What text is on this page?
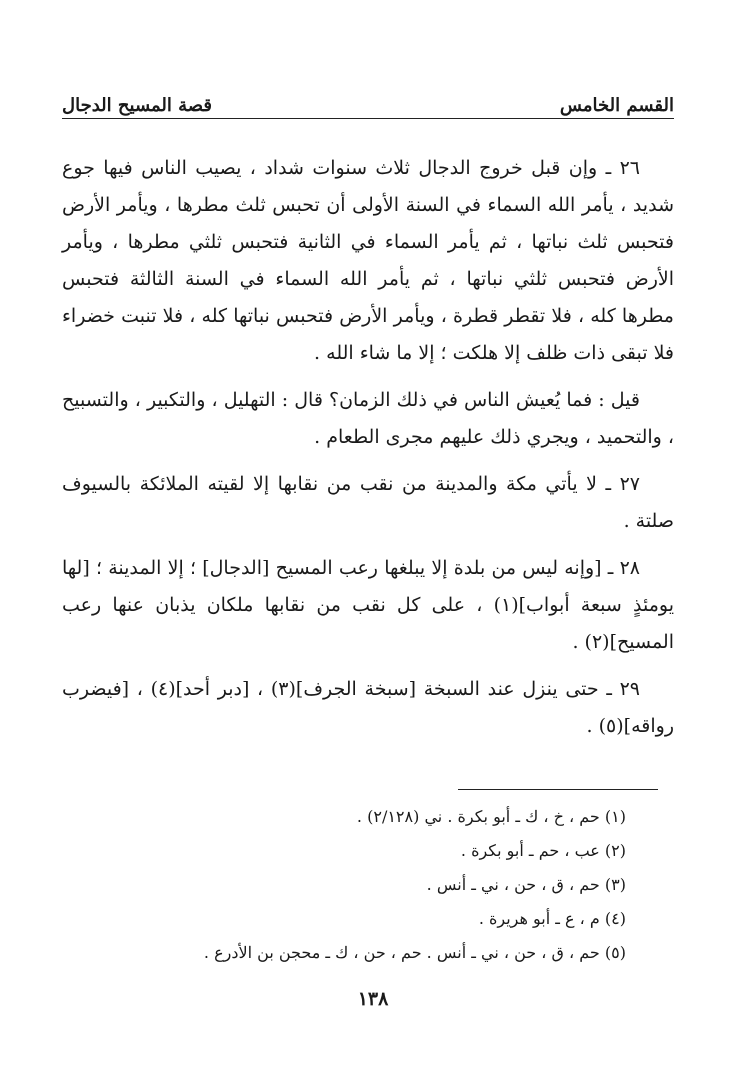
القسم الخامس
قصة المسيح الدجال

٢٦ ـ وإن قبل خروج الدجال ثلاث سنوات شداد ، يصيب الناس فيها جوع شديد ، يأمر الله السماء في السنة الأولى أن تحبس ثلث مطرها ، ويأمر الأرض فتحبس ثلث نباتها ، ثم يأمر السماء في الثانية فتحبس ثلثي مطرها ، ويأمر الأرض فتحبس ثلثي نباتها ، ثم يأمر الله السماء في السنة الثالثة فتحبس مطرها كله ، فلا تقطر قطرة ، ويأمر الأرض فتحبس نباتها كله ، فلا تنبت خضراء فلا تبقى ذات ظلف إلا هلكت ؛ إلا ما شاء الله .

قيل : فما يُعيش الناس في ذلك الزمان؟ قال : التهليل ، والتكبير ، والتسبيح ، والتحميد ، ويجري ذلك عليهم مجرى الطعام .

٢٧ ـ لا يأتي مكة والمدينة من نقب من نقابها إلا لقيته الملائكة بالسيوف صلتة .

٢٨ ـ [وإنه ليس من بلدة إلا يبلغها رعب المسيح [الدجال] ؛ إلا المدينة ؛ [لها يومئذٍ سبعة أبواب](١) ، على كل نقب من نقابها ملكان يذبان عنها رعب المسيح](٢) .

٢٩ ـ حتى ينزل عند السبخة [سبخة الجرف](٣) ، [دبر أحد](٤) ، [فيضرب رواقه](٥) .

(١) حم ، خ ، ك ـ أبو بكرة . ني (٢/١٢٨) .
(٢) عب ، حم ـ أبو بكرة .
(٣) حم ، ق ، حن ، ني ـ أنس .
(٤) م ، ع ـ أبو هريرة .
(٥) حم ، ق ، حن ، ني ـ أنس . حم ، حن ، ك ـ محجن بن الأدرع .
١٣٨
